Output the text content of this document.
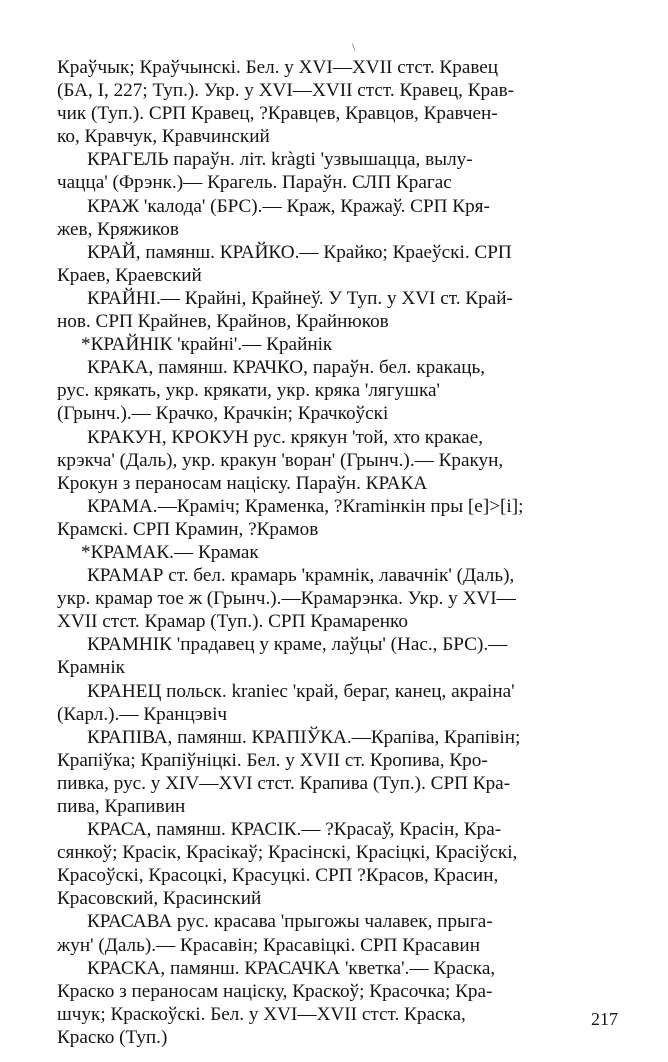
\

Краўчык; Краўчынскі. Бел. у XVI—XVII стст. Кравец
(БА, І, 227; Туп.). Укр. у XVI—XVII стст. Кравец, Крав-
чик (Туп.). СРП Кравец, ?Кравцев, Кравцов, Кравчен-
ко, Кравчук, Кравчинский

КРАГЕЛЬ параўн. літ. kràgti 'узвышацца, вылу-
чацца' (Фрэнк.)— Крагель. Параўн. СЛП Крагас

КРАЖ 'калода' (БРС).— Краж, Кражаў. СРП Кря-
жев, Кряжиков

КРАЙ, памянш. КРАЙКО.— Крайко; Краеўскі. СРП
Краев, Краевский

КРАЙНІ.— Крайні, Крайнеў. У Туп. у XVI ст. Край-
нов. СРП Крайнев, Крайнов, Крайнюков

*КРАЙНІК 'крайні'.— Крайнік

КРАКА, памянш. КРАЧКО, параўн. бел. кракаць,
рус. крякать, укр. крякати, укр. кряка 'лягушка'
(Грынч.).— Крачко, Крачкін; Крачкоўскі

КРАКУН, КРОКУН рус. крякун 'той, хто кракае,
крэкча' (Даль), укр. кракун 'воран' (Грынч.).— Кракун,
Крокун з пераносам націску. Параўн. КРАКА

КРАМА.—Краміч; Краменка, ?Кramінкін пры [e]>[i];
Крамскі. СРП Крамин, ?Крамов

*КРАМАК.— Крамак

КРАМАР ст. бел. крамарь 'крамнік, лавачнік' (Даль),
укр. крамар тое ж (Грынч.).—Крамарэнка. Укр. у XVI—
XVII стст. Крамар (Туп.). СРП Крамаренко

КРАМНІК 'прадавец у краме, лаўцы' (Нас., БРС).—
Крамнік

КРАНЕЦ польск. kraniec 'край, бераг, канец, акраіна'
(Карл.).— Кранцэвіч

КРАПІВА, памянш. КРАПІЎКА.—Крапіва, Крапівін;
Крапіўка; Крапіўніцкі. Бел. у XVII ст. Кропива, Кро-
пивка, рус. у XIV—XVI стст. Крапива (Туп.). СРП Кра-
пива, Крапивин

КРАСА, памянш. КРАСІК.— ?Красаў, Красін, Кра-
сянкоў; Красік, Красікаў; Красінскі, Красіцкі, Красіўскі,
Красоўскі, Красоцкі, Красуцкі. СРП ?Красов, Красин,
Красовский, Красинский

КРАСАВА рус. красава 'прыгожы чалавек, прыга-
жун' (Даль).— Красавін; Красавіцкі. СРП Красавин

КРАСКА, памянш. КРАСАЧКА 'кветка'.— Краска,
Краско з пераносам націску, Краскоў; Красочка; Кра-
шчук; Краскоўскі. Бел. у XVI—XVII стст. Краска,
Краско (Туп.)

217
